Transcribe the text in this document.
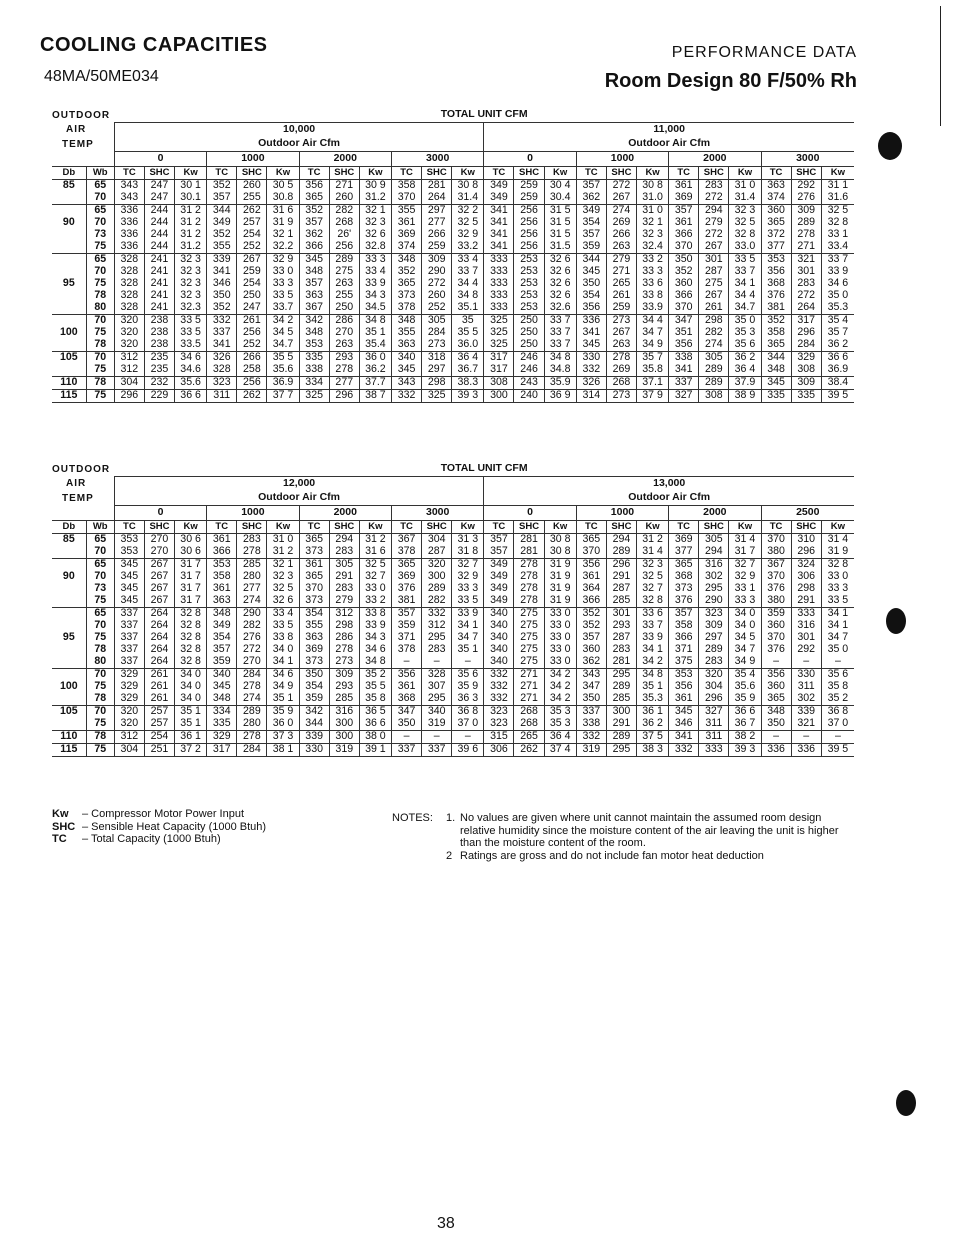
COOLING CAPACITIES
48MA/50ME034
PERFORMANCE DATA
Room Design 80 F/50% Rh
OUTDOOR		TOTAL UNIT CFM																							
AIR		10,000												11,000											
TEMP		Outdoor Air Cfm												Outdoor Air Cfm											
		0			1000			2000			3000			0			1000			2000			3000		
Db	Wb	TC	SHC	Kw	TC	SHC	Kw	TC	SHC	Kw	TC	SHC	Kw	TC	SHC	Kw	TC	SHC	Kw	TC	SHC	Kw	TC	SHC	Kw
85	65	343	247	30 1	352	260	30 5	356	271	30 9	358	281	30 8	349	259	30 4	357	272	30 8	361	283	31 0	363	292	31 1
	70	343	247	30.1	357	255	30.8	365	260	31.2	370	264	31.4	349	259	30.4	362	267	31.0	369	272	31.4	374	276	31.6
	65	336	244	31 2	344	262	31 6	352	282	32 1	355	297	32 2	341	256	31 5	349	274	31 0	357	294	32 3	360	309	32 5
90	70	336	244	31 2	349	257	31 9	357	268	32 3	361	277	32 5	341	256	31 5	354	269	32 1	361	279	32 5	365	289	32 8
	73	336	244	31 2	352	254	32 1	362	26'	32 6	369	266	32 9	341	256	31 5	357	266	32 3	366	272	32 8	372	278	33 1
	75	336	244	31.2	355	252	32.2	366	256	32.8	374	259	33.2	341	256	31.5	359	263	32.4	370	267	33.0	377	271	33.4
	65	328	241	32 3	339	267	32 9	345	289	33 3	348	309	33 4	333	253	32 6	344	279	33 2	350	301	33 5	353	321	33 7
	70	328	241	32 3	341	259	33 0	348	275	33 4	352	290	33 7	333	253	32 6	345	271	33 3	352	287	33 7	356	301	33 9
95	75	328	241	32 3	346	254	33 3	357	263	33 9	365	272	34 4	333	253	32 6	350	265	33 6	360	275	34 1	368	283	34 6
	78	328	241	32 3	350	250	33 5	363	255	34 3	373	260	34 8	333	253	32 6	354	261	33 8	366	267	34 4	376	272	35 0
	80	328	241	32.3	352	247	33.7	367	250	34.5	378	252	35.1	333	253	32.6	356	259	33.9	370	261	34.7	381	264	35.3
	70	320	238	33 5	332	261	34 2	342	286	34 8	348	305	35	325	250	33 7	336	273	34 4	347	298	35 0	352	317	35 4
100	75	320	238	33 5	337	256	34 5	348	270	35 1	355	284	35 5	325	250	33 7	341	267	34 7	351	282	35 3	358	296	35 7
	78	320	238	33.5	341	252	34.7	353	263	35.4	363	273	36.0	325	250	33 7	345	263	34 9	356	274	35 6	365	284	36 2
105	70	312	235	34 6	326	266	35 5	335	293	36 0	340	318	36 4	317	246	34 8	330	278	35 7	338	305	36 2	344	329	36 6
	75	312	235	34.6	328	258	35.6	338	278	36.2	345	297	36.7	317	246	34.8	332	269	35.8	341	289	36 4	348	308	36.9
110	78	304	232	35.6	323	256	36.9	334	277	37.7	343	298	38.3	308	243	35.9	326	268	37.1	337	289	37.9	345	309	38.4
115	75	296	229	36 6	311	262	37 7	325	296	38 7	332	325	39 3	300	240	36 9	314	273	37 9	327	308	38 9	335	335	39 5
OUTDOOR		TOTAL UNIT CFM																							
AIR		12,000												13,000											
TEMP		Outdoor Air Cfm												Outdoor Air Cfm											
		0			1000			2000			3000			0			1000			2000			2500		
Db	Wb	TC	SHC	Kw	TC	SHC	Kw	TC	SHC	Kw	TC	SHC	Kw	TC	SHC	Kw	TC	SHC	Kw	TC	SHC	Kw	TC	SHC	Kw
85	65	353	270	30 6	361	283	31 0	365	294	31 2	367	304	31 3	357	281	30 8	365	294	31 2	369	305	31 4	370	310	31 4
	70	353	270	30 6	366	278	31 2	373	283	31 6	378	287	31 8	357	281	30 8	370	289	31 4	377	294	31 7	380	296	31 9
	65	345	267	31 7	353	285	32 1	361	305	32 5	365	320	32 7	349	278	31 9	356	296	32 3	365	316	32 7	367	324	32 8
90	70	345	267	31 7	358	280	32 3	365	291	32 7	369	300	32 9	349	278	31 9	361	291	32 5	368	302	32 9	370	306	33 0
	73	345	267	31 7	361	277	32 5	370	283	33 0	376	289	33 3	349	278	31 9	364	287	32 7	373	295	33 1	376	298	33 3
	75	345	267	31 7	363	274	32 6	373	279	33 2	381	282	33 5	349	278	31 9	366	285	32 8	376	290	33 3	380	291	33 5
	65	337	264	32 8	348	290	33 4	354	312	33 8	357	332	33 9	340	275	33 0	352	301	33 6	357	323	34 0	359	333	34 1
	70	337	264	32 8	349	282	33 5	355	298	33 9	359	312	34 1	340	275	33 0	352	293	33 7	358	309	34 0	360	316	34 1
95	75	337	264	32 8	354	276	33 8	363	286	34 3	371	295	34 7	340	275	33 0	357	287	33 9	366	297	34 5	370	301	34 7
	78	337	264	32 8	357	272	34 0	369	278	34 6	378	283	35 1	340	275	33 0	360	283	34 1	371	289	34 7	376	292	35 0
	80	337	264	32 8	359	270	34 1	373	273	34 8	–	–	–	340	275	33 0	362	281	34 2	375	283	34 9	–	–	–
	70	329	261	34 0	340	284	34 6	350	309	35 2	356	328	35 6	332	271	34 2	343	295	34 8	353	320	35 4	356	330	35 6
100	75	329	261	34 0	345	278	34 9	354	293	35 5	361	307	35 9	332	271	34 2	347	289	35 1	356	304	35.6	360	311	35 8
	78	329	261	34 0	348	274	35 1	359	285	35 8	368	295	36 3	332	271	34 2	350	285	35.3	361	296	35 9	365	302	35 2
105	70	320	257	35 1	334	289	35 9	342	316	36 5	347	340	36 8	323	268	35 3	337	300	36 1	345	327	36 6	348	339	36 8
	75	320	257	35 1	335	280	36 0	344	300	36 6	350	319	37 0	323	268	35 3	338	291	36 2	346	311	36 7	350	321	37 0
110	78	312	254	36 1	329	278	37 3	339	300	38 0	–	–	–	315	265	36 4	332	289	37 5	341	311	38 2	–	–	–
115	75	304	251	37 2	317	284	38 1	330	319	39 1	337	337	39 6	306	262	37 4	319	295	38 3	332	333	39 3	336	336	39 5
Kw – Compressor Motor Power Input
SHC – Sensible Heat Capacity (1000 Btuh)
TC – Total Capacity (1000 Btuh)
NOTES:	1. No values are given where unit cannot maintain the assumed room design relative humidity since the moisture content of the air leaving the unit is higher than the moisture content of the room.
2 Ratings are gross and do not include fan motor heat deduction
38
